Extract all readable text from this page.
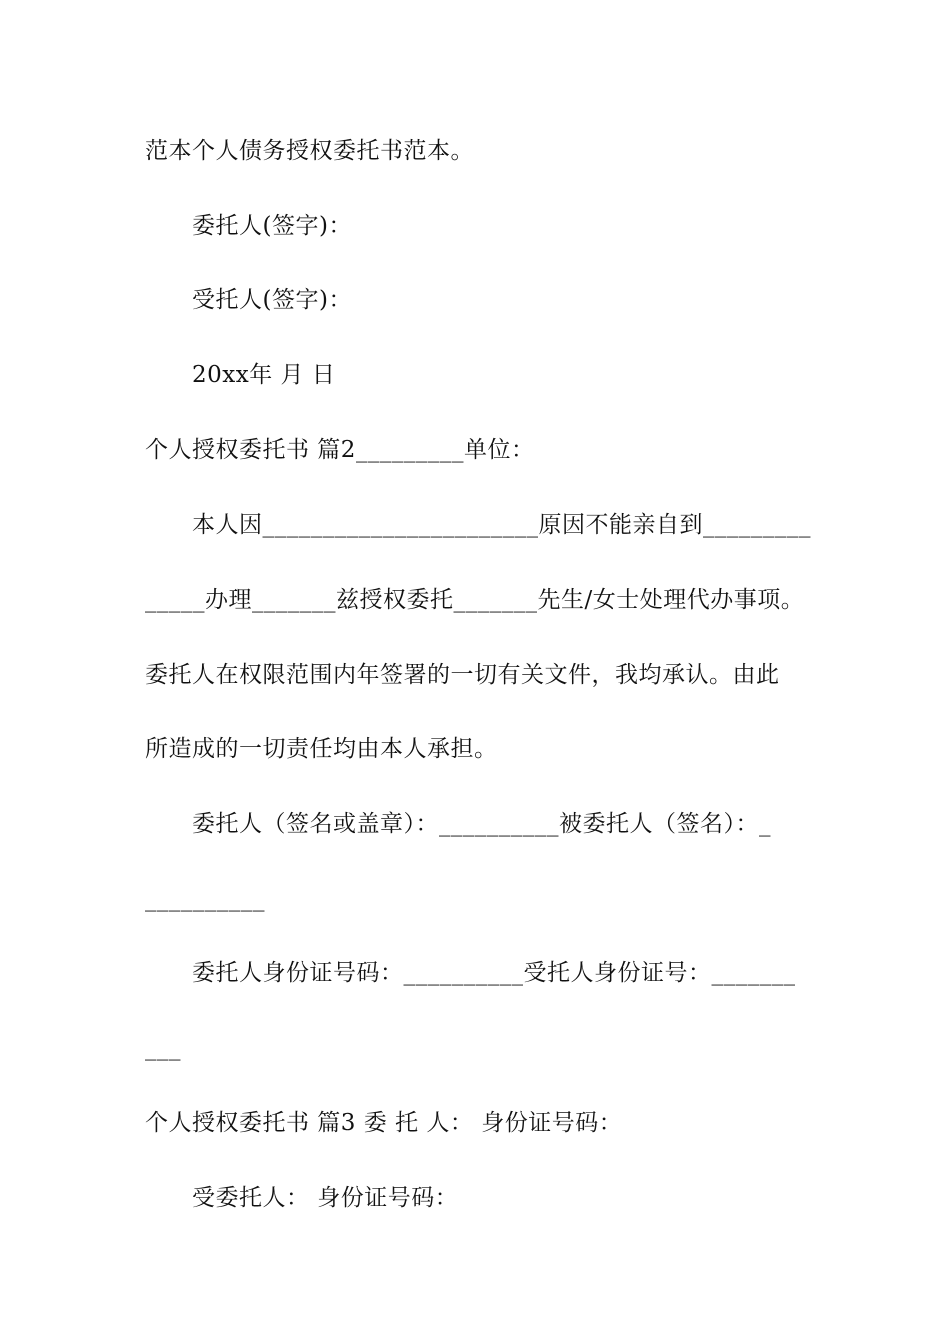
范本个人债务授权委托书范本。
委托人(签字)：
受托人(签字)：
20xx年 月 日
个人授权委托书 篇2_________单位：
本人因_______________________原因不能亲自到_________
_____办理_______兹授权委托_______先生/女士处理代办事项。
委托人在权限范围内年签署的一切有关文件，我均承认。由此
所造成的一切责任均由本人承担。
委托人（签名或盖章）：__________被委托人（签名）：_
__________
委托人身份证号码：__________受托人身份证号：_______
___
个人授权委托书 篇3 委 托 人： 身份证号码：
受委托人： 身份证号码：
